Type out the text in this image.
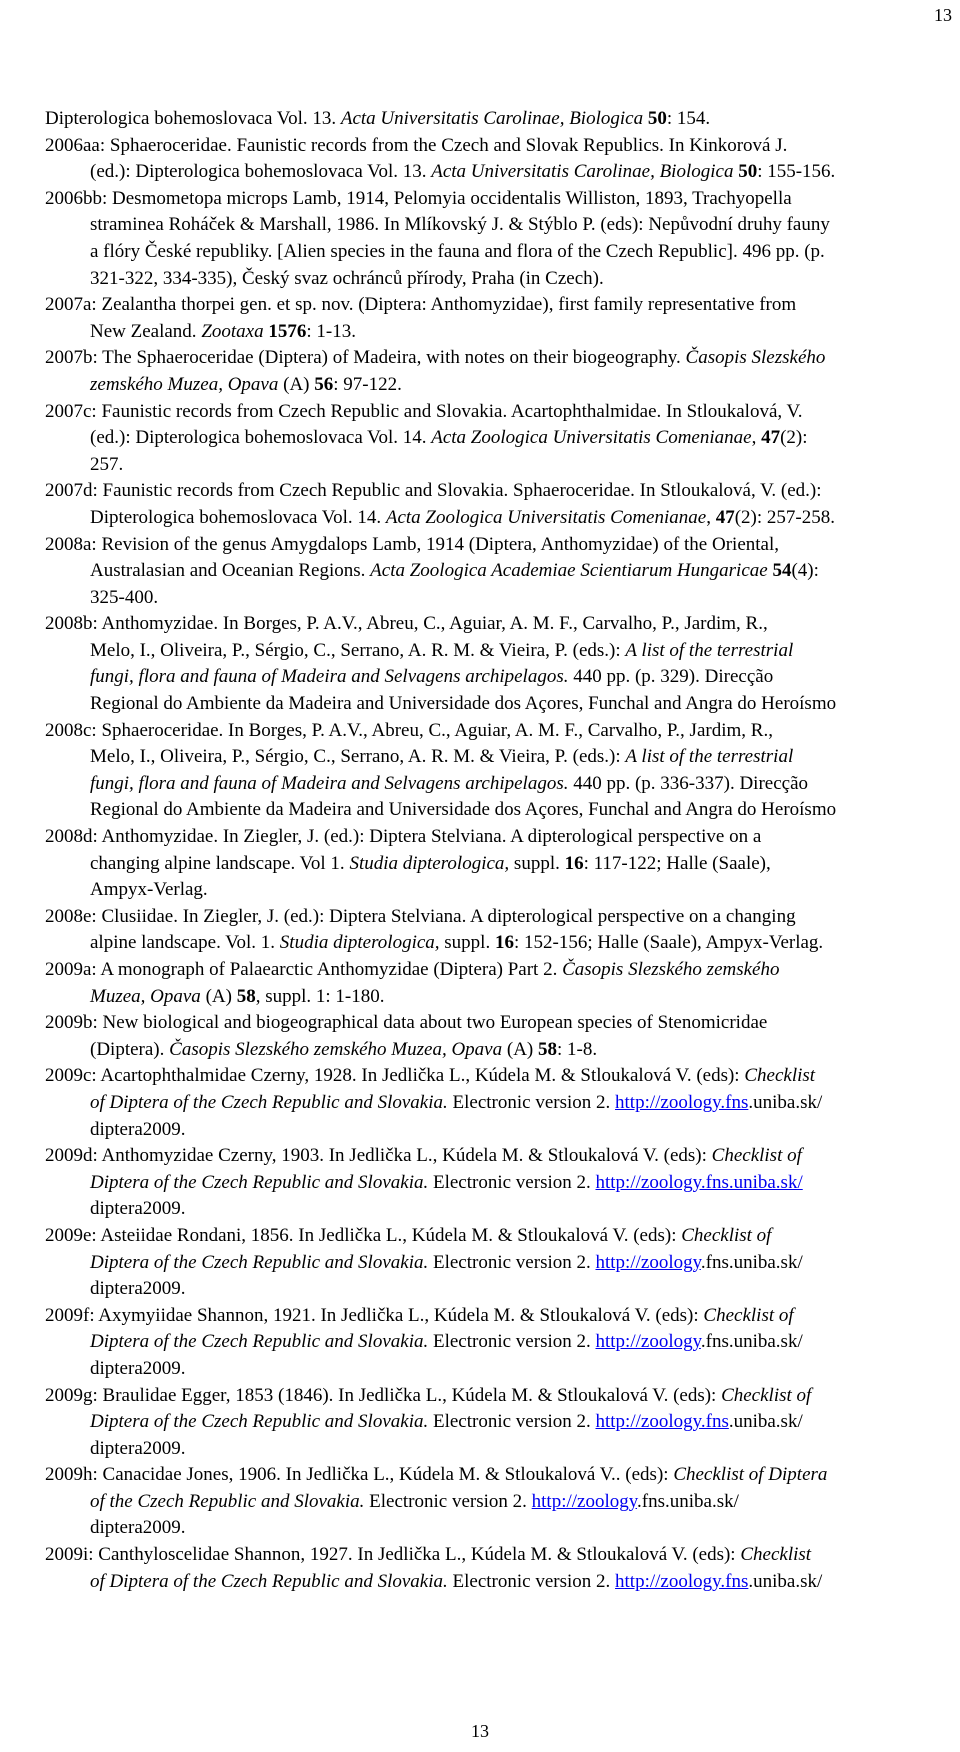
13
Dipterologica bohemoslovaca Vol. 13. Acta Universitatis Carolinae, Biologica 50: 154.
2006aa: Sphaeroceridae. Faunistic records from the Czech and Slovak Republics. In Kinkorová J.
(ed.): Dipterologica bohemoslovaca Vol. 13. Acta Universitatis Carolinae, Biologica 50: 155-156.
2006bb: Desmometopa microps Lamb, 1914, Pelomyia occidentalis Williston, 1893, Trachyopella
straminea Roháček & Marshall, 1986. In Mlíkovský J. & Stýblo P. (eds): Nepůvodní druhy fauny
a flóry České republiky. [Alien species in the fauna and flora of the Czech Republic]. 496 pp. (p.
321-322, 334-335), Český svaz ochránců přírody, Praha (in Czech).
2007a: Zealantha thorpei gen. et sp. nov. (Diptera: Anthomyzidae), first family representative from
New Zealand. Zootaxa 1576: 1-13.
2007b: The Sphaeroceridae (Diptera) of Madeira, with notes on their biogeography. Časopis Slezského
zemského Muzea, Opava (A) 56: 97-122.
2007c: Faunistic records from Czech Republic and Slovakia. Acartophthalmidae. In Stloukalová, V.
(ed.): Dipterologica bohemoslovaca Vol. 14. Acta Zoologica Universitatis Comenianae, 47(2):
257.
2007d: Faunistic records from Czech Republic and Slovakia. Sphaeroceridae. In Stloukalová, V. (ed.):
Dipterologica bohemoslovaca Vol. 14. Acta Zoologica Universitatis Comenianae, 47(2): 257-258.
2008a: Revision of the genus Amygdalops Lamb, 1914 (Diptera, Anthomyzidae) of the Oriental,
Australasian and Oceanian Regions. Acta Zoologica Academiae Scientiarum Hungaricae 54(4):
325-400.
2008b: Anthomyzidae. In Borges, P. A.V., Abreu, C., Aguiar, A. M. F., Carvalho, P., Jardim, R.,
Melo, I., Oliveira, P., Sérgio, C., Serrano, A. R. M. & Vieira, P. (eds.): A list of the terrestrial
fungi, flora and fauna of Madeira and Selvagens archipelagos. 440 pp. (p. 329). Direcção
Regional do Ambiente da Madeira and Universidade dos Açores, Funchal and Angra do Heroísmo
2008c: Sphaeroceridae. In Borges, P. A.V., Abreu, C., Aguiar, A. M. F., Carvalho, P., Jardim, R.,
Melo, I., Oliveira, P., Sérgio, C., Serrano, A. R. M. & Vieira, P. (eds.): A list of the terrestrial
fungi, flora and fauna of Madeira and Selvagens archipelagos. 440 pp. (p. 336-337). Direcção
Regional do Ambiente da Madeira and Universidade dos Açores, Funchal and Angra do Heroísmo
2008d: Anthomyzidae. In Ziegler, J. (ed.): Diptera Stelviana. A dipterological perspective on a
changing alpine landscape. Vol 1. Studia dipterologica, suppl. 16: 117-122; Halle (Saale),
Ampyx-Verlag.
2008e: Clusiidae. In Ziegler, J. (ed.): Diptera Stelviana. A dipterological perspective on a changing
alpine landscape. Vol. 1. Studia dipterologica, suppl. 16: 152-156; Halle (Saale), Ampyx-Verlag.
2009a: A monograph of Palaearctic Anthomyzidae (Diptera) Part 2. Časopis Slezského zemského
Muzea, Opava (A) 58, suppl. 1: 1-180.
2009b: New biological and biogeographical data about two European species of Stenomicridae
(Diptera). Časopis Slezského zemského Muzea, Opava (A) 58: 1-8.
2009c: Acartophthalmidae Czerny, 1928. In Jedlička L., Kúdela M. & Stloukalová V. (eds): Checklist
of Diptera of the Czech Republic and Slovakia. Electronic version 2. http://zoology.fns.uniba.sk/
diptera2009.
2009d: Anthomyzidae Czerny, 1903. In Jedlička L., Kúdela M. & Stloukalová V. (eds): Checklist of
Diptera of the Czech Republic and Slovakia. Electronic version 2. http://zoology.fns.uniba.sk/
diptera2009.
2009e: Asteiidae Rondani, 1856. In Jedlička L., Kúdela M. & Stloukalová V. (eds): Checklist of
Diptera of the Czech Republic and Slovakia. Electronic version 2. http://zoology.fns.uniba.sk/
diptera2009.
2009f: Axymyiidae Shannon, 1921. In Jedlička L., Kúdela M. & Stloukalová V. (eds): Checklist of
Diptera of the Czech Republic and Slovakia. Electronic version 2. http://zoology.fns.uniba.sk/
diptera2009.
2009g: Braulidae Egger, 1853 (1846). In Jedlička L., Kúdela M. & Stloukalová V. (eds): Checklist of
Diptera of the Czech Republic and Slovakia. Electronic version 2. http://zoology.fns.uniba.sk/
diptera2009.
2009h: Canacidae Jones, 1906. In Jedlička L., Kúdela M. & Stloukalová V.. (eds): Checklist of Diptera
of the Czech Republic and Slovakia. Electronic version 2. http://zoology.fns.uniba.sk/
diptera2009.
2009i: Canthyloscelidae Shannon, 1927. In Jedlička L., Kúdela M. & Stloukalová V. (eds): Checklist
of Diptera of the Czech Republic and Slovakia. Electronic version 2. http://zoology.fns.uniba.sk/
13
